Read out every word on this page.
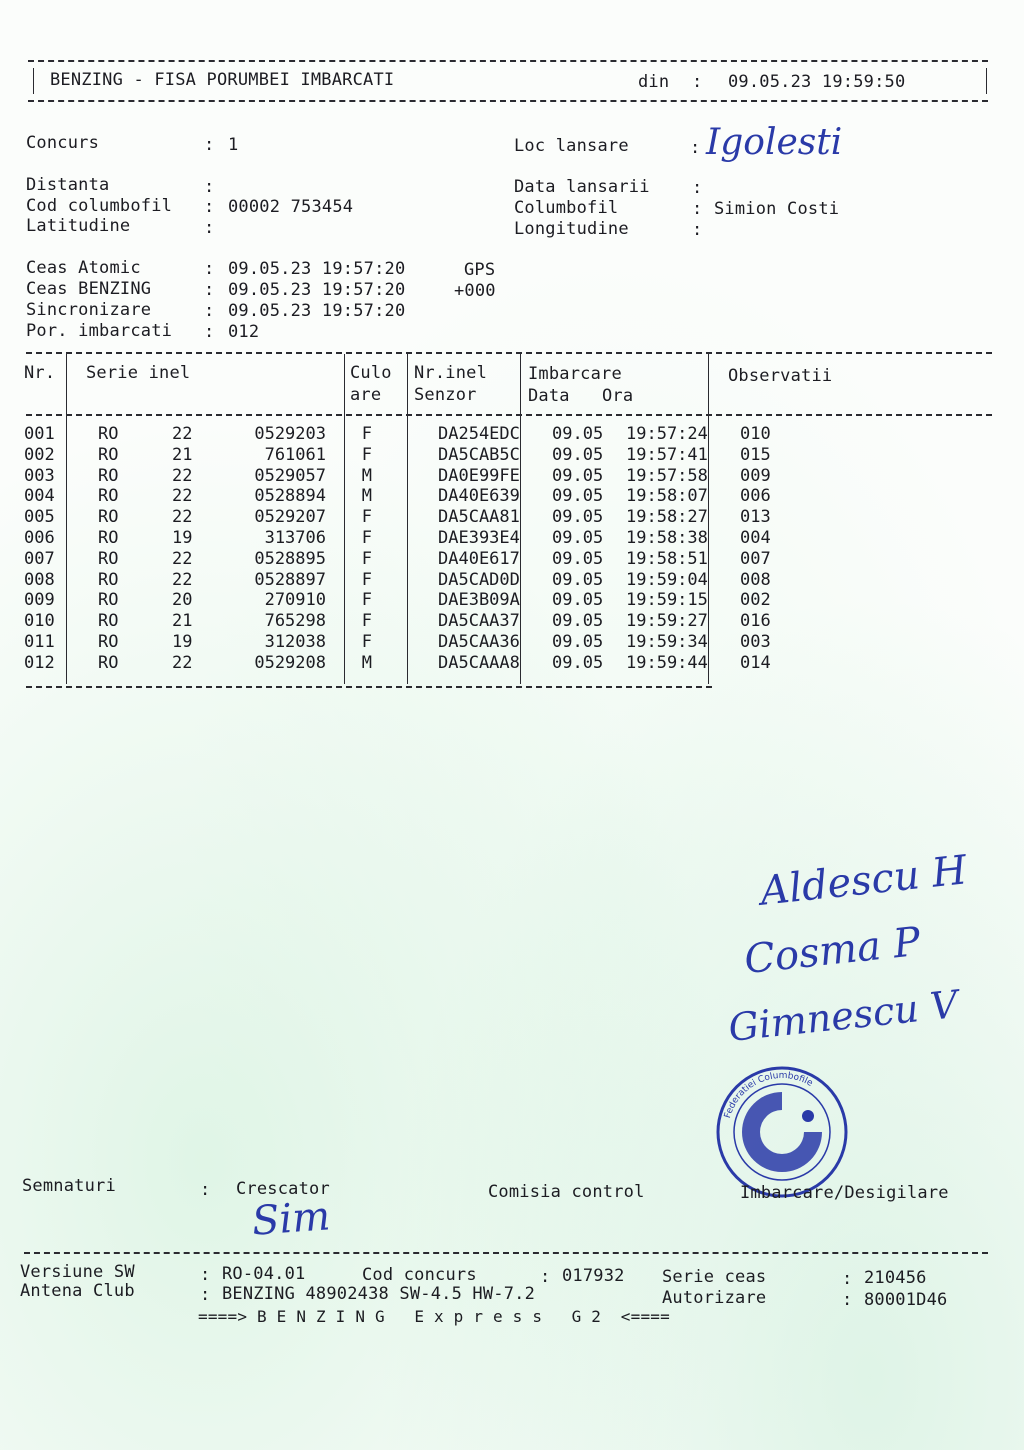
BENZING - FISA PORUMBEI IMBARCATI	din : 09.05.23 19:59:50
Concurs	: 1	Loc lansare	: Igolesti
Distanta	:	Data lansarii :
Cod columbofil : 00002 753454	Columbofil	: Simion Costi
Latitudine	:	Longitudine	:
Ceas Atomic	: 09.05.23 19:57:20	GPS
Ceas BENZING	: 09.05.23 19:57:20	+000
Sincronizare	: 09.05.23 19:57:20
Por. imbarcati : 012
Nr. Serie inel	Culo
are
Nr.inel
Senzor
Imbarcare
Data Ora
Observatii
001	RO	22	0529203	F		DA254EDC	09.05	19:57:24	010
002	RO	21	761061	F		DA5CAB5C	09.05	19:57:41	015
003	RO	22	0529057	M		DA0E99FE	09.05	19:57:58	009
004	RO	22	0528894	M		DA40E639	09.05	19:58:07	006
005	RO	22	0529207	F		DA5CAA81	09.05	19:58:27	013
006	RO	19	313706	F		DAE393E4	09.05	19:58:38	004
007	RO	22	0528895	F		DA40E617	09.05	19:58:51	007
008	RO	22	0528897	F		DA5CAD0D	09.05	19:59:04	008
009	RO	20	270910	F		DAE3B09A	09.05	19:59:15	002
010	RO	21	765298	F		DA5CAA37	09.05	19:59:27	016
011	RO	19	312038	F		DA5CAA36	09.05	19:59:34	003
012	RO	22	0529208	M		DA5CAAA8	09.05	19:59:44	014
Aldescu H
Cosma P
Gimnescu V
Federatiei Columbofile
Semnaturi	: Crescator	Comisia control	Imbarcare/Desigilare
Sim
Versiune SW	: RO-04.01	Cod concurs	: 017932 Serie ceas	: 210456
Antena Club	: BENZING 48902438 SW-4.5 HW-7.2	Autorizare	: 80001D46
====> B E N Z I N G   E x p r e s s   G 2  <====
